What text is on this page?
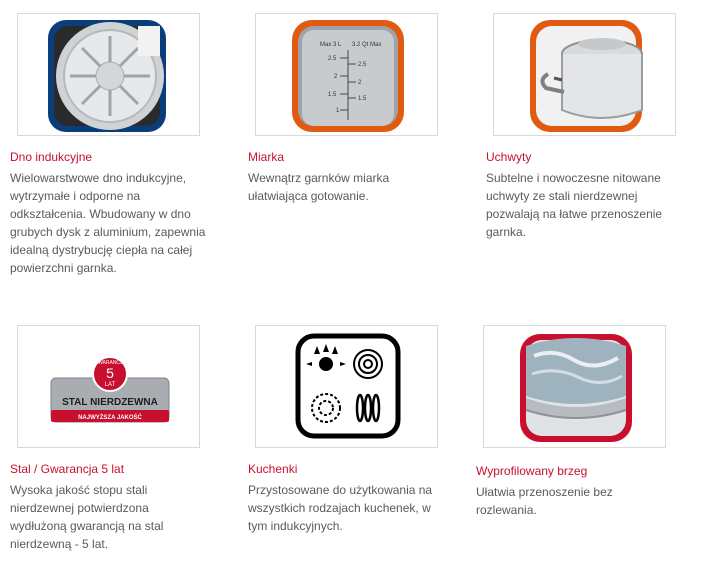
Dno indukcyjne
Wielowarstwowe dno indukcyjne,
wytrzymałe i odporne na
odkształcenia. Wbudowany w dno
grubych dysk z aluminium, zapewnia
idealną dystrybucję ciepła na całej
powierzchni garnka.
Max 3 L 3.2 Qt Max
2.5
2.5
2
2
1.5
1.5
1
Miarka
Wewnątrz garnków miarka
ułatwiająca gotowanie.
Uchwyty
Subtelne i nowoczesne nitowane
uchwyty ze stali nierdzewnej
pozwalają na łatwe przenoszenie
garnka.
GWARANCJA
5
LAT
STAL NIERDZEWNA
NAJWYŻSZA JAKOŚĆ
Stal / Gwarancja 5 lat
Wysoka jakość stopu stali
nierdzewnej potwierdzona
wydłużoną gwarancją na stal
nierdzewną - 5 lat.
Kuchenki
Przystosowane do użytkowania na
wszystkich rodzajach kuchenek, w
tym indukcyjnych.
Wyprofilowany brzeg
Ułatwia przenoszenie bez
rozlewania.
